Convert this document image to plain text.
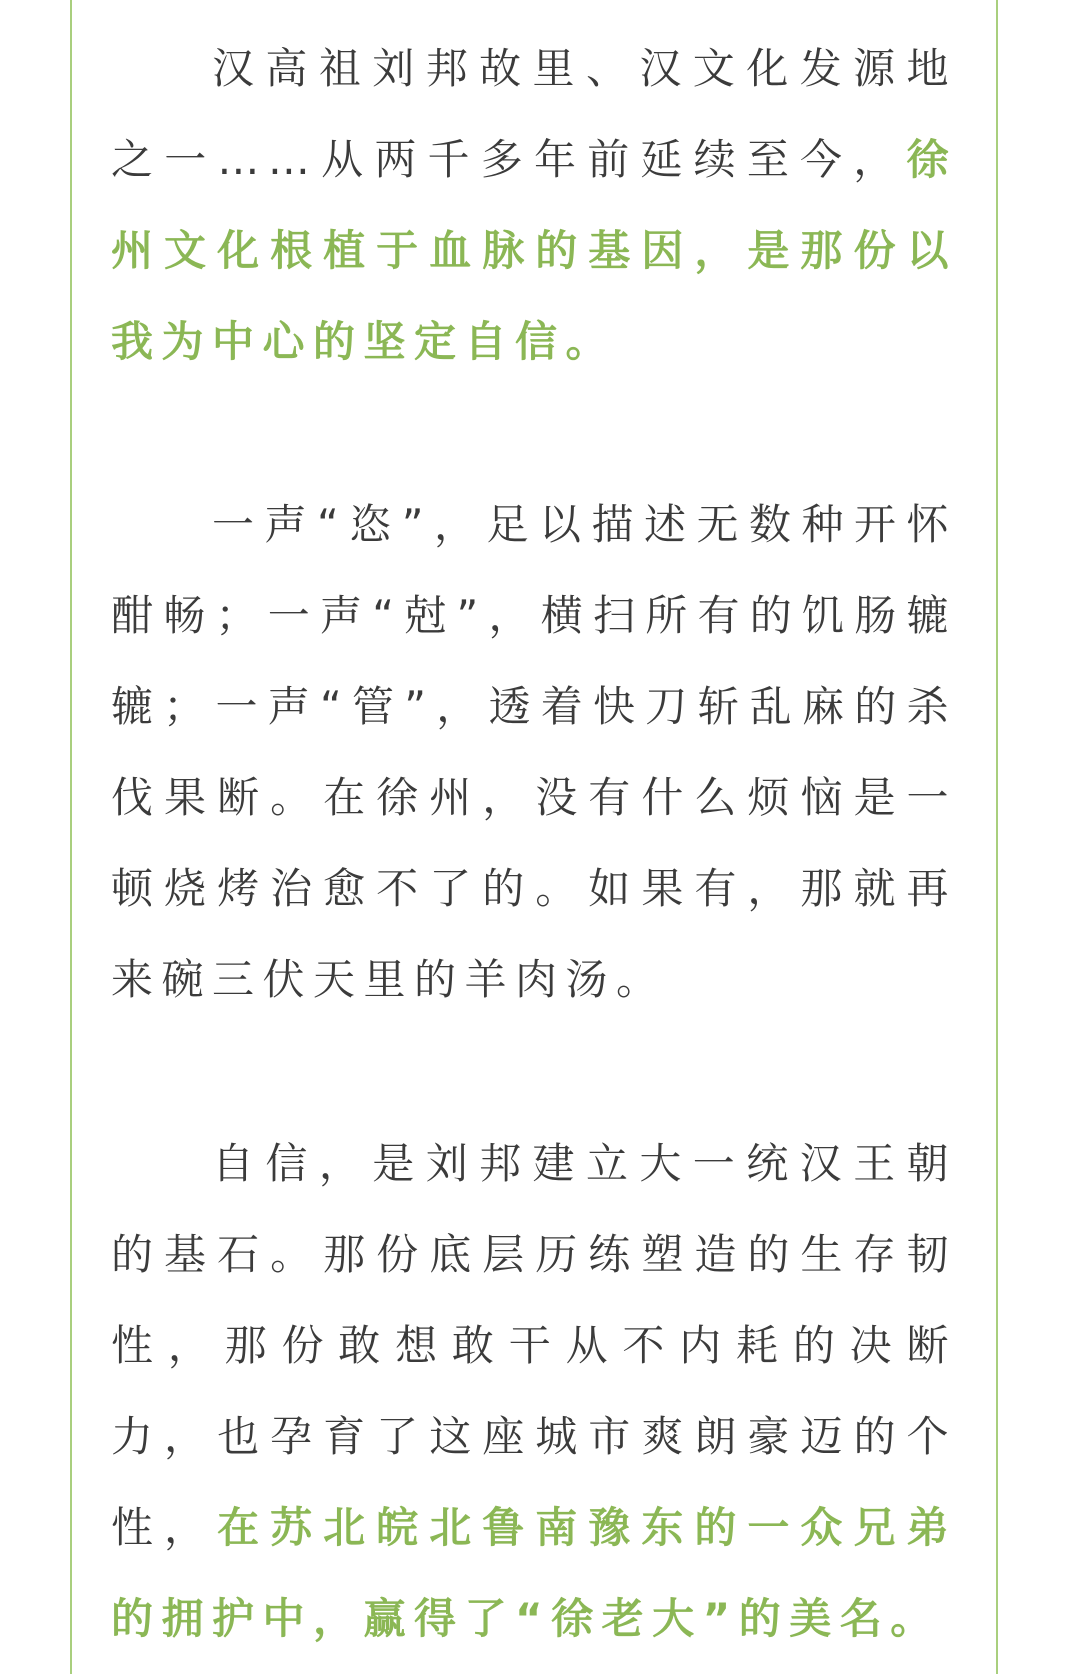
汉高祖刘邦故里、汉文化发源地之一……从两千多年前延续至今，徐州文化根植于血脉的基因，是那份以我为中心的坚定自信。

一声“恣”，足以描述无数种开怀酣畅；一声“尅”，横扫所有的饥肠辘辘；一声“管”，透着快刀斩乱麻的杀伐果断。在徐州，没有什么烦恼是一顿烧烤治愈不了的。如果有，那就再来碗三伏天里的羊肉汤。

自信，是刘邦建立大一统汉王朝的基石。那份底层历练塑造的生存韧性，那份敢想敢干从不内耗的决断力，也孕育了这座城市爽朗豪迈的个性，在苏北皖北鲁南豫东的一众兄弟的拥护中，赢得了“徐老大”的美名。
